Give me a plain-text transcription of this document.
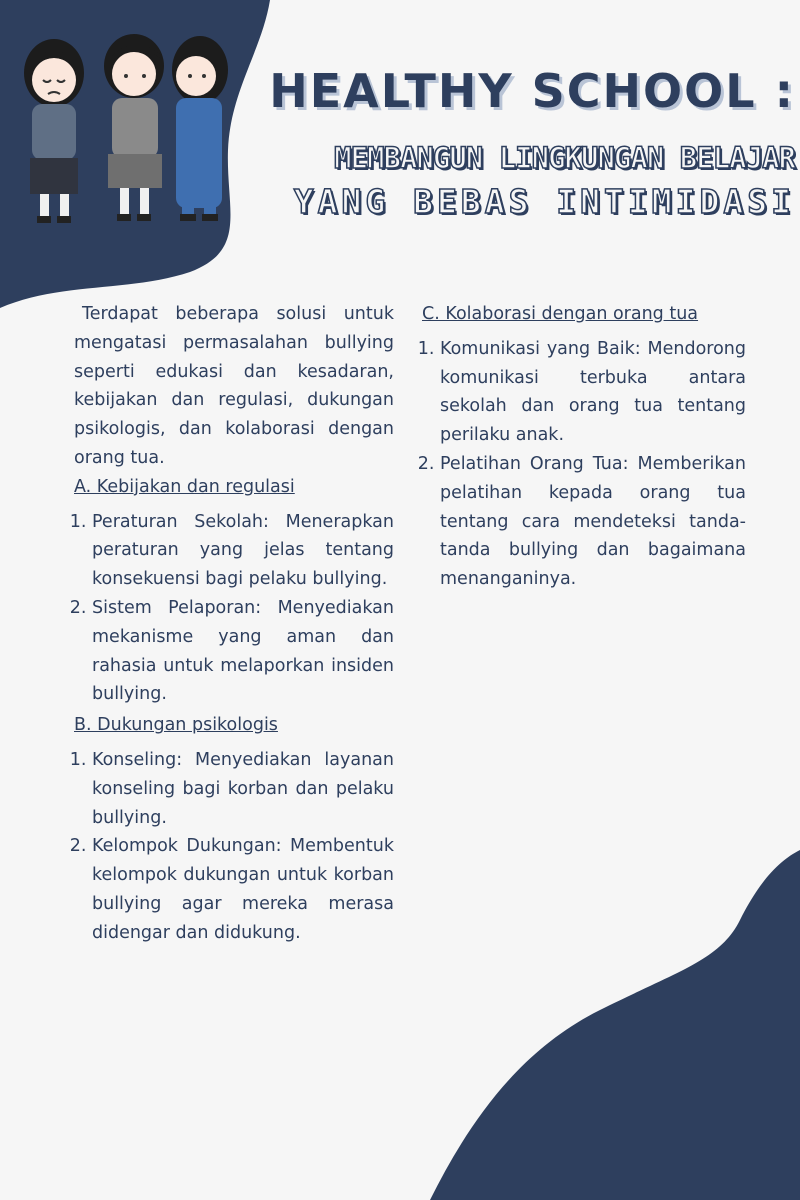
HEALTHY SCHOOL :
MEMBANGUN LINGKUNGAN BELAJAR
YANG BEBAS INTIMIDASI
Terdapat beberapa solusi untuk mengatasi permasalahan bullying seperti edukasi dan kesadaran, kebijakan dan regulasi, dukungan psikologis, dan kolaborasi dengan orang tua.
A. Kebijakan dan regulasi
1. Peraturan Sekolah: Menerapkan peraturan yang jelas tentang konsekuensi bagi pelaku bullying.
2. Sistem Pelaporan: Menyediakan mekanisme yang aman dan rahasia untuk melaporkan insiden bullying.
B. Dukungan psikologis
1. Konseling: Menyediakan layanan konseling bagi korban dan pelaku bullying.
2. Kelompok Dukungan: Membentuk kelompok dukungan untuk korban bullying agar mereka merasa didengar dan didukung.
C. Kolaborasi dengan orang tua
1. Komunikasi yang Baik: Mendorong komunikasi terbuka antara sekolah dan orang tua tentang perilaku anak.
2. Pelatihan Orang Tua: Memberikan pelatihan kepada orang tua tentang cara mendeteksi tanda-tanda bullying dan bagaimana menanganinya.
